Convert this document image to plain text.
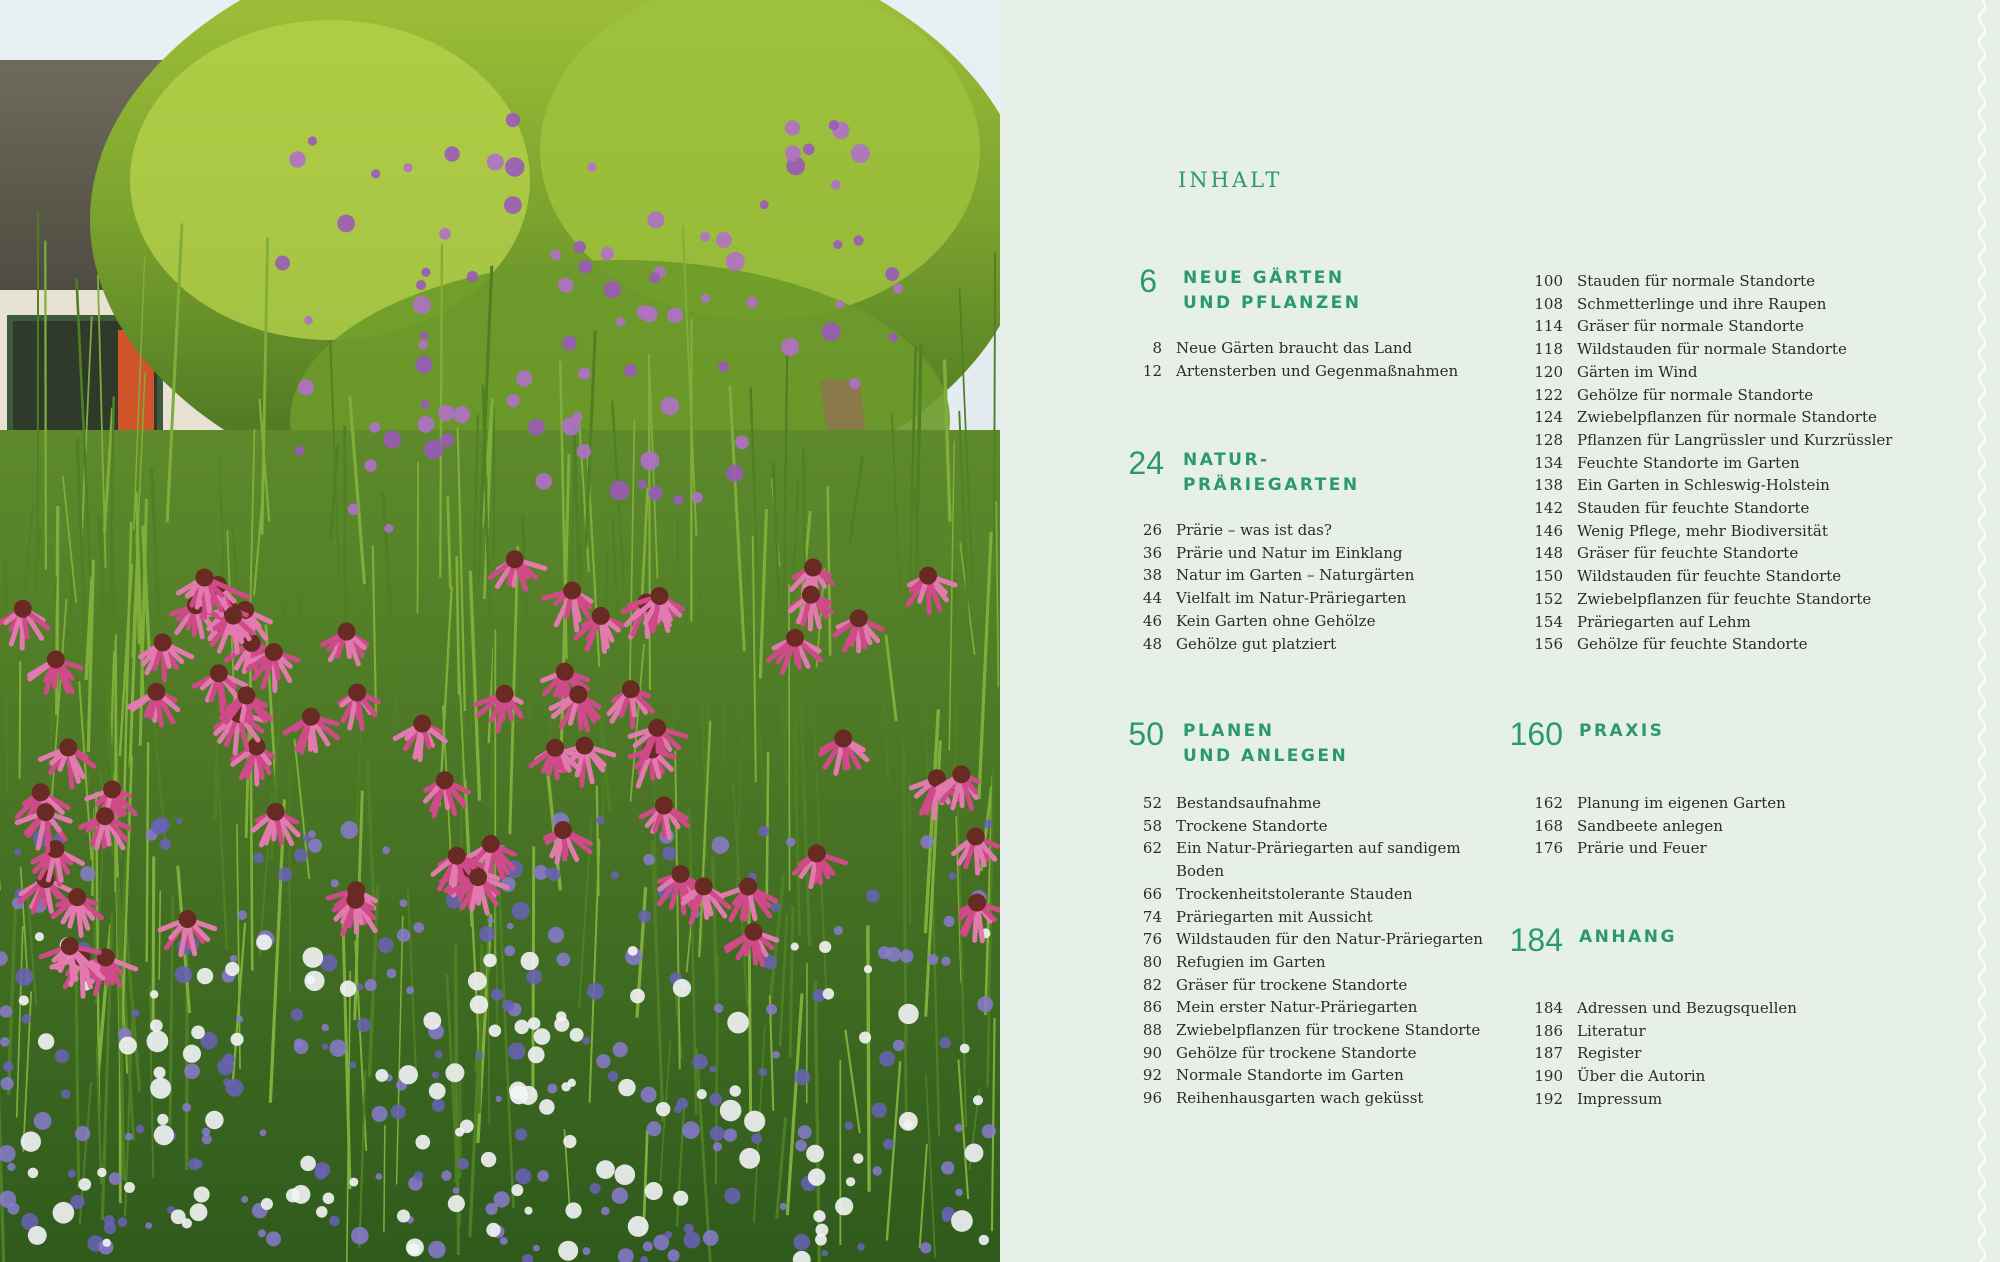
INHALT
6 NEUE GÄRTEN
UND PFLANZEN
8 Neue Gärten braucht das Land
12 Artensterben und Gegenmaßnahmen
24 NATUR-
PRÄRIEGARTEN
26 Prärie – was ist das?
36 Prärie und Natur im Einklang
38 Natur im Garten – Naturgärten
44 Vielfalt im Natur-Präriegarten
46 Kein Garten ohne Gehölze
48 Gehölze gut platziert
50 PLANEN
UND ANLEGEN
52 Bestandsaufnahme
58 Trockene Standorte
62 Ein Natur-Präriegarten auf sandigem
Boden
66 Trockenheitstolerante Stauden
74 Präriegarten mit Aussicht
76 Wildstauden für den Natur-Präriegarten
80 Refugien im Garten
82 Gräser für trockene Standorte
86 Mein erster Natur-Präriegarten
88 Zwiebelpflanzen für trockene Standorte
90 Gehölze für trockene Standorte
92 Normale Standorte im Garten
96 Reihenhausgarten wach geküsst
100 Stauden für normale Standorte
108 Schmetterlinge und ihre Raupen
114 Gräser für normale Standorte
118 Wildstauden für normale Standorte
120 Gärten im Wind
122 Gehölze für normale Standorte
124 Zwiebelpflanzen für normale Standorte
128 Pflanzen für Langrüssler und Kurzrüssler
134 Feuchte Standorte im Garten
138 Ein Garten in Schleswig-Holstein
142 Stauden für feuchte Standorte
146 Wenig Pflege, mehr Biodiversität
148 Gräser für feuchte Standorte
150 Wildstauden für feuchte Standorte
152 Zwiebelpflanzen für feuchte Standorte
154 Präriegarten auf Lehm
156 Gehölze für feuchte Standorte
160 PRAXIS
162 Planung im eigenen Garten
168 Sandbeete anlegen
176 Prärie und Feuer
184 ANHANG
184 Adressen und Bezugsquellen
186 Literatur
187 Register
190 Über die Autorin
192 Impressum
